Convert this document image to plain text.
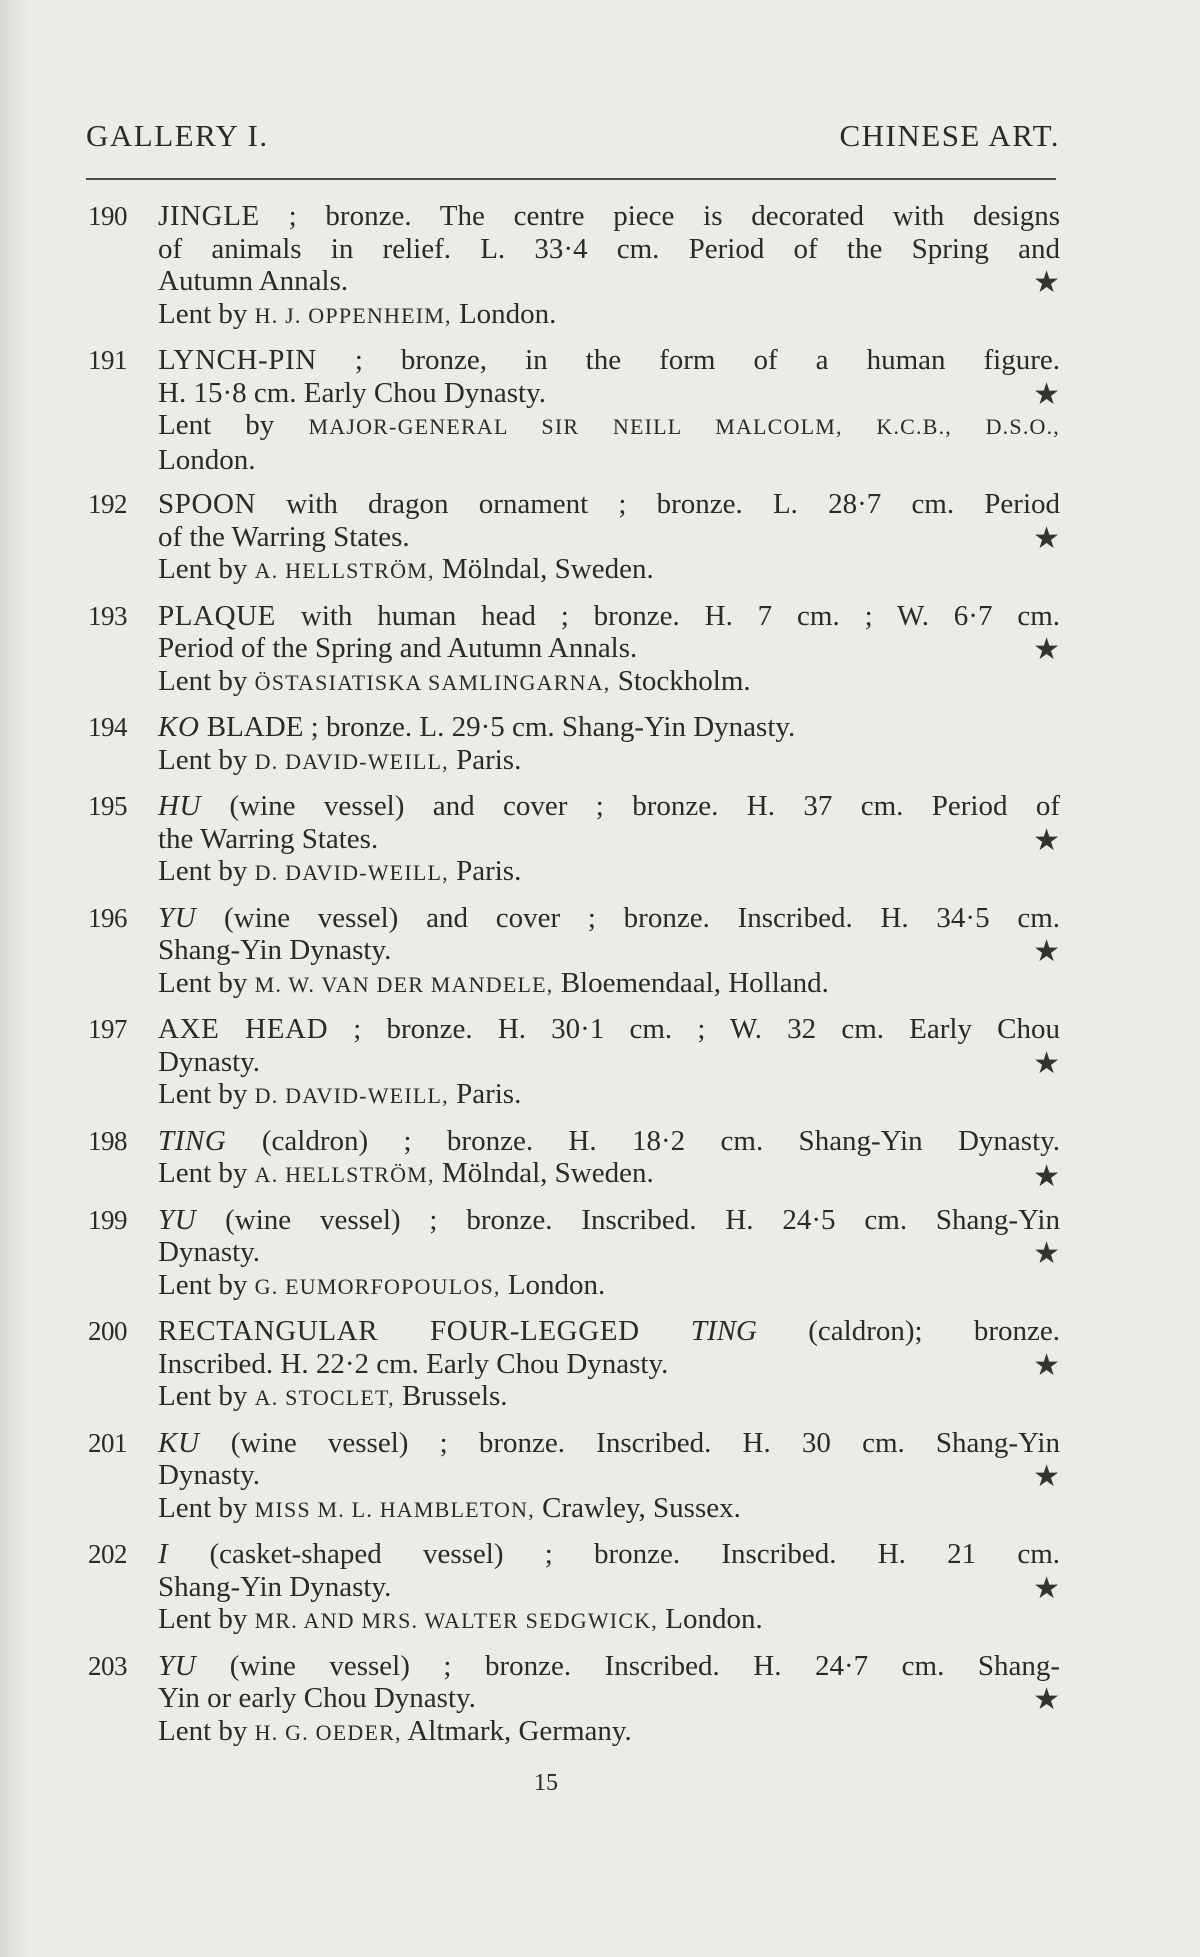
GALLERY I.	CHINESE ART.
190	JINGLE ; bronze. The centre piece is decorated with designs
of animals in relief. L. 33·4 cm. Period of the Spring and
Autumn Annals.	★
Lent by H. J. OPPENHEIM, London.
191	LYNCH-PIN ; bronze, in the form of a human figure.
H. 15·8 cm. Early Chou Dynasty.	★
Lent by MAJOR-GENERAL SIR NEILL MALCOLM, K.C.B., D.S.O.,
London.
192	SPOON with dragon ornament ; bronze. L. 28·7 cm. Period
of the Warring States.	★
Lent by A. HELLSTRÖM, Mölndal, Sweden.
193	PLAQUE with human head ; bronze. H. 7 cm. ; W. 6·7 cm.
Period of the Spring and Autumn Annals.	★
Lent by ÖSTASIATISKA SAMLINGARNA, Stockholm.
194	KO BLADE ; bronze. L. 29·5 cm. Shang-Yin Dynasty.
Lent by D. DAVID-WEILL, Paris.
195	HU (wine vessel) and cover ; bronze. H. 37 cm. Period of
the Warring States.	★
Lent by D. DAVID-WEILL, Paris.
196	YU (wine vessel) and cover ; bronze. Inscribed. H. 34·5 cm.
Shang-Yin Dynasty.	★
Lent by M. W. VAN DER MANDELE, Bloemendaal, Holland.
197	AXE HEAD ; bronze. H. 30·1 cm. ; W. 32 cm. Early Chou
Dynasty.	★
Lent by D. DAVID-WEILL, Paris.
198	TING (caldron) ; bronze. H. 18·2 cm. Shang-Yin Dynasty.
Lent by A. HELLSTRÖM, Mölndal, Sweden.	★
199	YU (wine vessel) ; bronze. Inscribed. H. 24·5 cm. Shang-Yin
Dynasty.	★
Lent by G. EUMORFOPOULOS, London.
200	RECTANGULAR FOUR-LEGGED TING (caldron); bronze.
Inscribed. H. 22·2 cm. Early Chou Dynasty.	★
Lent by A. STOCLET, Brussels.
201	KU (wine vessel) ; bronze. Inscribed. H. 30 cm. Shang-Yin
Dynasty.	★
Lent by MISS M. L. HAMBLETON, Crawley, Sussex.
202	I (casket-shaped vessel) ; bronze. Inscribed. H. 21 cm.
Shang-Yin Dynasty.	★
Lent by MR. AND MRS. WALTER SEDGWICK, London.
203	YU (wine vessel) ; bronze. Inscribed. H. 24·7 cm. Shang-
Yin or early Chou Dynasty.	★
Lent by H. G. OEDER, Altmark, Germany.
15
